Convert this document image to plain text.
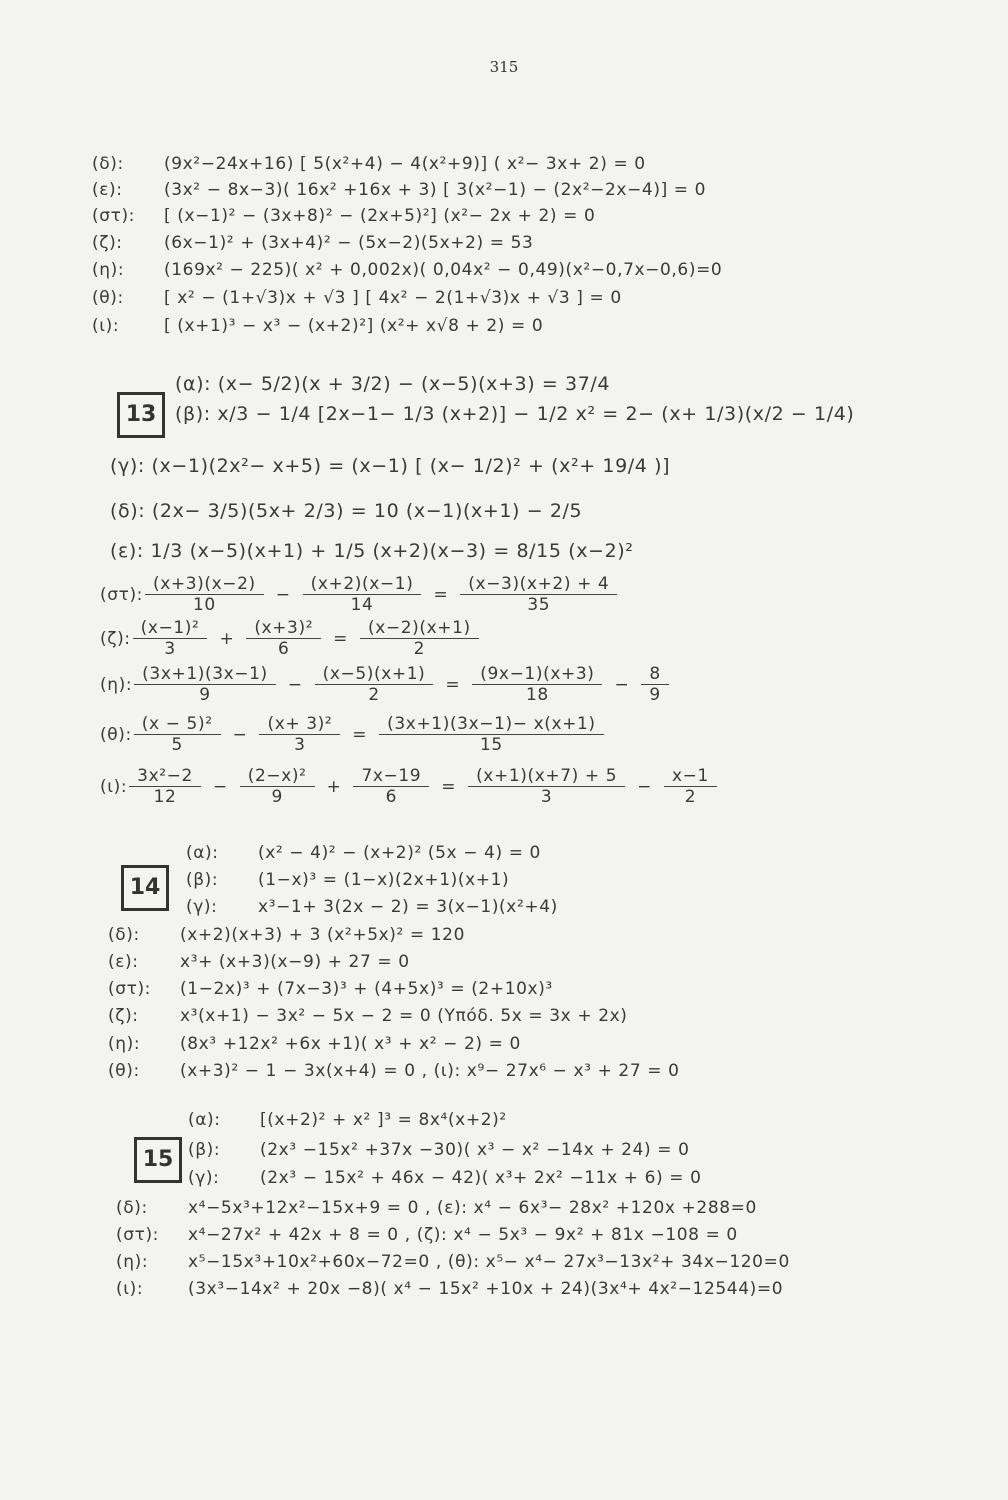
315
(δ): (9x²−24x+16) [ 5(x²+4) − 4(x²+9)] ( x²− 3x+ 2) = 0
(ε): (3x² − 8x−3)( 16x² +16x + 3) [ 3(x²−1) − (2x²−2x−4)] = 0
(στ): [ (x−1)² − (3x+8)² − (2x+5)²] (x²− 2x + 2) = 0
(ζ): (6x−1)² + (3x+4)² − (5x−2)(5x+2) = 53
(η): (169x² − 225)( x² + 0,002x)( 0,04x² − 0,49)(x²−0,7x−0,6)=0
(θ): [ x² − (1+√3)x + √3 ] [ 4x² − 2(1+√3)x + √3 ] = 0
(ι):	[ (x+1)³ − x³ − (x+2)²] (x²+ x√8 + 2) = 0
13
(α): (x− 5/2)(x + 3/2) − (x−5)(x+3) = 37/4
(β): x/3 − 1/4 [2x−1− 1/3 (x+2)] − 1/2 x² = 2− (x+ 1/3)(x/2 − 1/4)
(γ): (x−1)(2x²− x+5) = (x−1) [ (x− 1/2)² + (x²+ 19/4 )]
(δ): (2x− 3/5)(5x+ 2/3) = 10 (x−1)(x+1) − 2/5
(ε): 1/3 (x−5)(x+1) + 1/5 (x+2)(x−3) = 8/15 (x−2)²
(στ): $\frac{(x+3)(x-2)}{10} - \frac{(x+2)(x-1)}{14} = \frac{(x-3)(x+2) + 4}{35}$
(ζ): $\frac{\text{(x−1)²}}{3} + \frac{\text{(x+3)²}}{6} = \frac{(x-2)(x+1)}{2}$
(η): $\frac{(3x+1)(3x-1)}{9} - \frac{(x-5)(x+1)}{2} = \frac{(9x-1)(x+3)}{18} - \frac{8}{9}$
(θ): $\frac{\text{(x − 5)²}}{5} - \frac{\text{(x+ 3)²}}{3} = \frac{(3x+1)(3x-1)- x(x+1)}{15}$
(ι): $\frac{\text{3x²−2}}{12} - \frac{\text{(2−x)²}}{9} + \frac{7x-19}{6} = \frac{(x+1)(x+7) + 5}{3} - \frac{x-1}{2}$
14
(α): (x² − 4)² − (x+2)² (5x − 4) = 0
(β): (1−x)³ = (1−x)(2x+1)(x+1)
(γ): x³−1+ 3(2x − 2) = 3(x−1)(x²+4)
(δ): (x+2)(x+3) + 3 (x²+5x)² = 120
(ε): x³+ (x+3)(x−9) + 27 = 0
(στ): (1−2x)³ + (7x−3)³ + (4+5x)³ = (2+10x)³
(ζ): x³(x+1) − 3x² − 5x − 2 = 0 (Υπόδ. 5x = 3x + 2x)
(η): (8x³ +12x² +6x +1)( x³ + x² − 2) = 0
(θ): (x+3)² − 1 − 3x(x+4) = 0 , (ι): x⁹− 27x⁶ − x³ + 27 = 0
15
(α): [(x+2)² + x² ]³ = 8x⁴(x+2)²
(β): (2x³ −15x² +37x −30)( x³ − x² −14x + 24) = 0
(γ): (2x³ − 15x² + 46x − 42)( x³+ 2x² −11x + 6) = 0
(δ): x⁴−5x³+12x²−15x+9 = 0 , (ε): x⁴ − 6x³− 28x² +120x +288=0
(στ): x⁴−27x² + 42x + 8 = 0 , (ζ): x⁴ − 5x³ − 9x² + 81x −108 = 0
(η): x⁵−15x³+10x²+60x−72=0 , (θ): x⁵− x⁴− 27x³−13x²+ 34x−120=0
(ι):	(3x³−14x² + 20x −8)( x⁴ − 15x² +10x + 24)(3x⁴+ 4x²−12544)=0
